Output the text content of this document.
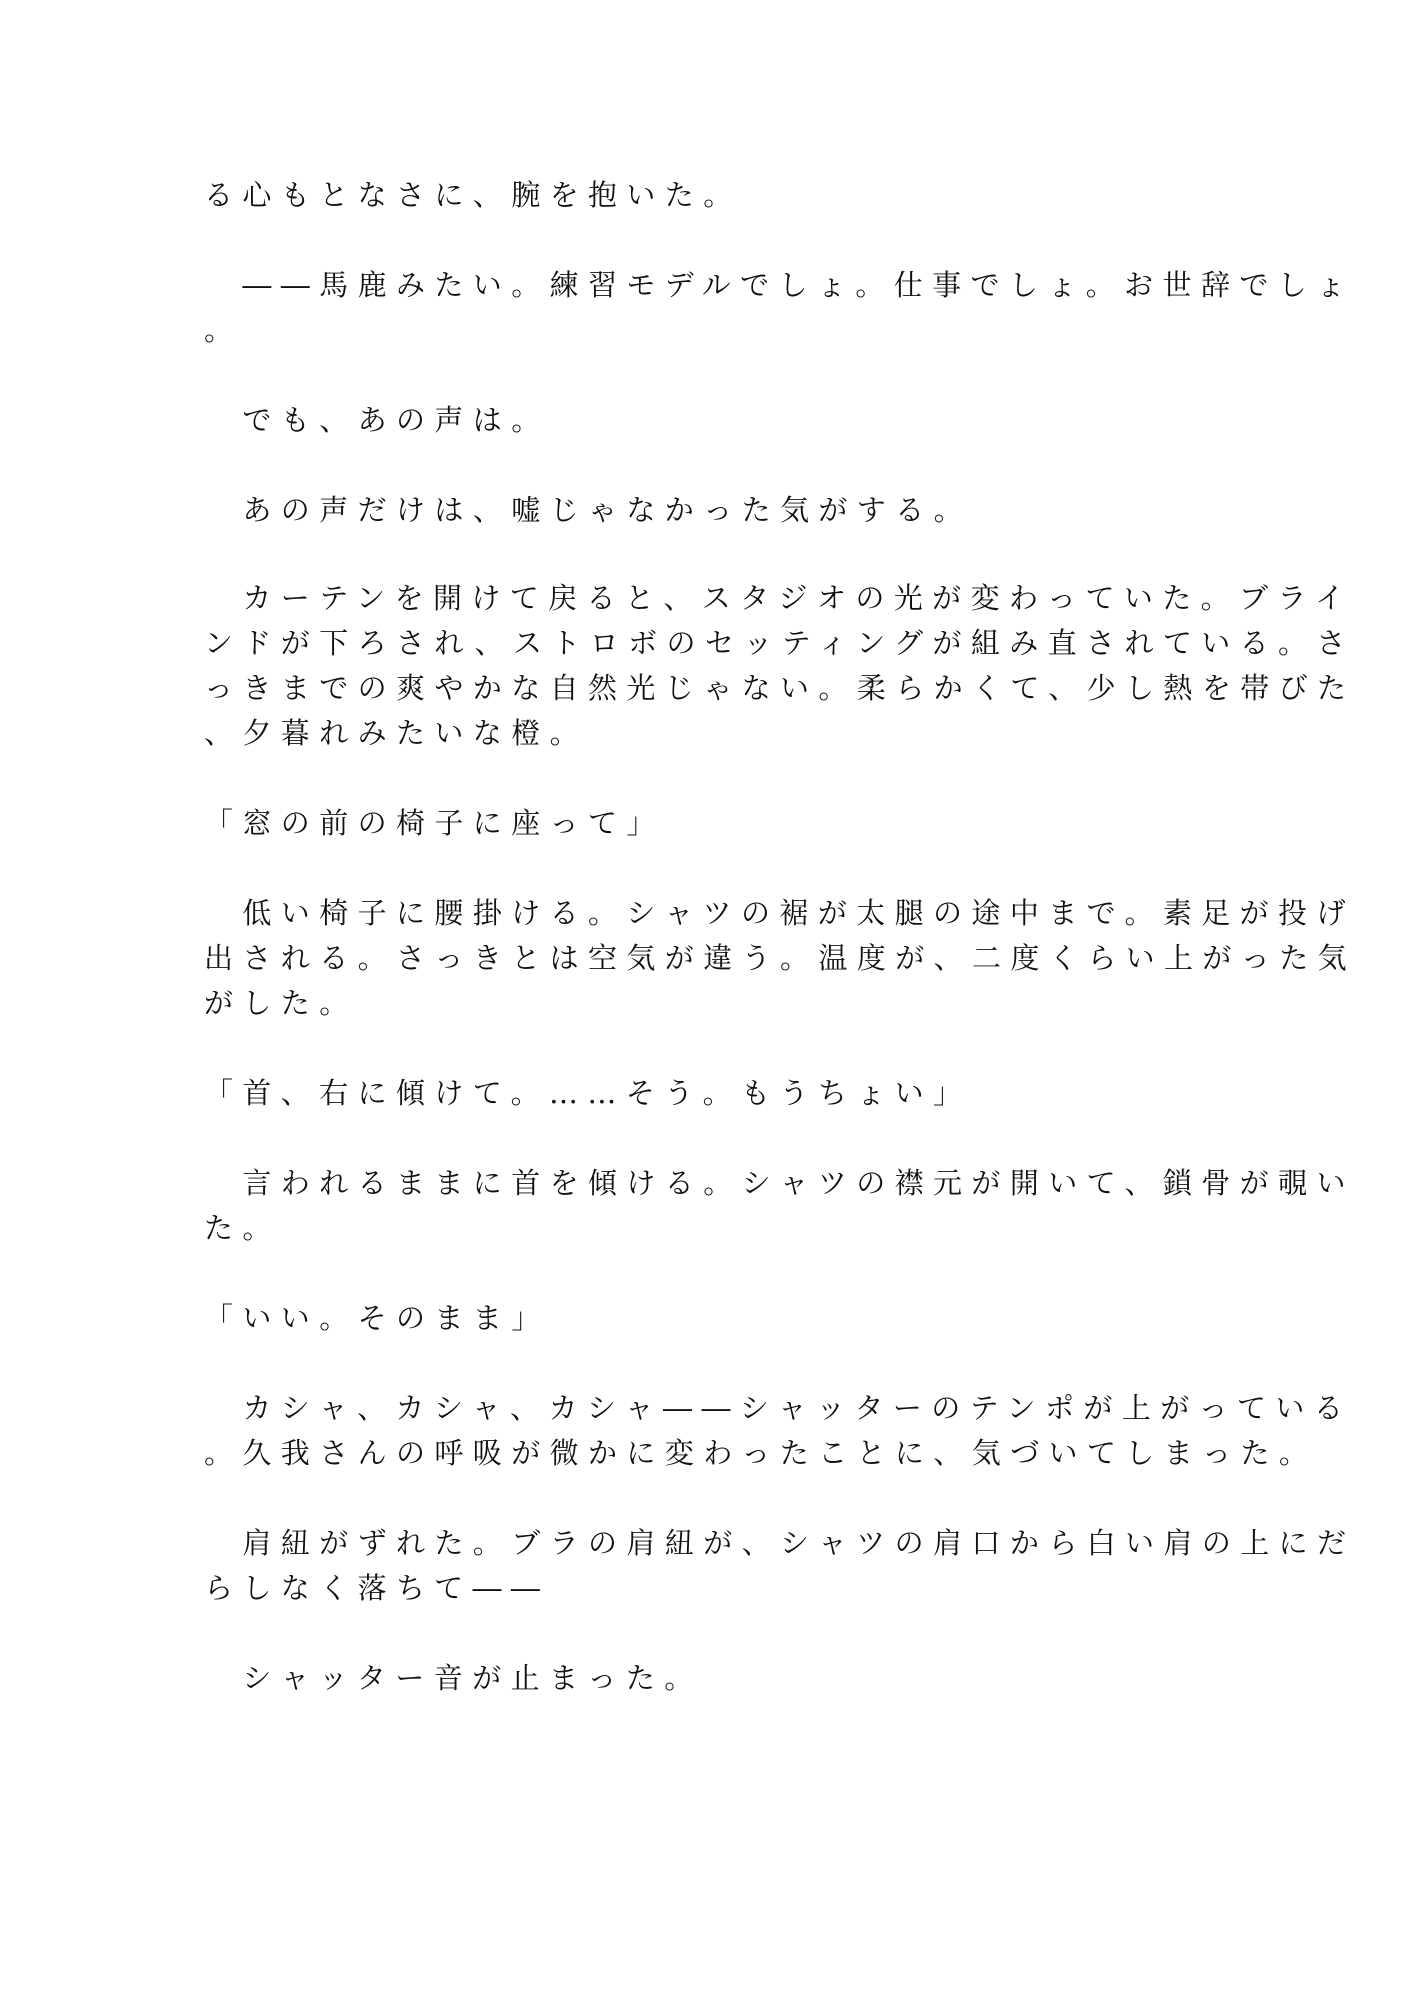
る心もとなさに、腕を抱いた。
　――馬鹿みたい。練習モデルでしょ。仕事でしょ。お世辞でしょ
。
　でも、あの声は。
　あの声だけは、嘘じゃなかった気がする。
　カーテンを開けて戻ると、スタジオの光が変わっていた。ブライ
ンドが下ろされ、ストロボのセッティングが組み直されている。さ
っきまでの爽やかな自然光じゃない。柔らかくて、少し熱を帯びた
、夕暮れみたいな橙。
「窓の前の椅子に座って」
　低い椅子に腰掛ける。シャツの裾が太腿の途中まで。素足が投げ
出される。さっきとは空気が違う。温度が、二度くらい上がった気
がした。
「首、右に傾けて。……そう。もうちょい」
　言われるままに首を傾ける。シャツの襟元が開いて、鎖骨が覗い
た。
「いい。そのまま」
　カシャ、カシャ、カシャ――シャッターのテンポが上がっている
。久我さんの呼吸が微かに変わったことに、気づいてしまった。
　肩紐がずれた。ブラの肩紐が、シャツの肩口から白い肩の上にだ
らしなく落ちて――
　シャッター音が止まった。
